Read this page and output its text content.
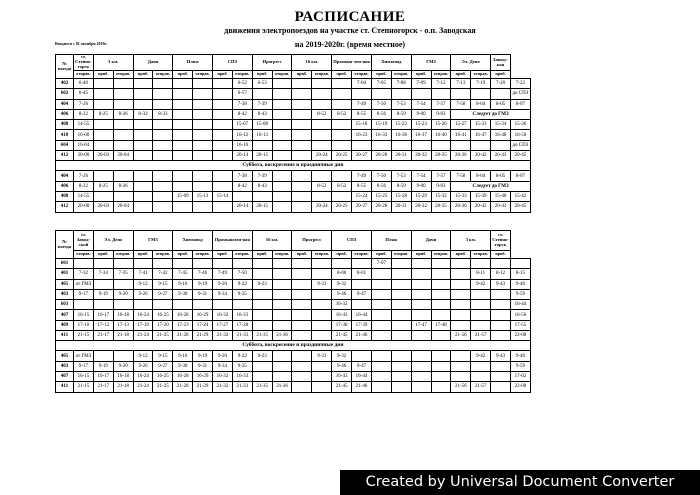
РАСПИСАНИЕ
движения электропоездов на участке ст. Степногорск - о.п. Заводская
на 2019-2020г. (время местное)
Вводится с 01 октября 2019г.
№ поезда	ст. Степно-горск	3 км.		Дачи		Пляж		СПЗ		Прогресс		16 км.		Промыш-лен-ная		Химзавод		ГМЗ		Эл. Депо		Заводс-кая	
	отправ.	приб.	отправ.	приб.	отправ.	приб.	отправ.	приб.	отправ.	приб.	отправ.	приб.	отправ.	приб.	отправ.	приб.	отправ.	приб.	отправ.	приб.	отправ.	приб.	
402	6-40								6-52	6-53					7-04	7-05	7-08	7-09	7-12	7-13	7-19	7-20	7-22
602	6-45								6-57														до СПЗ
404	7-26								7-38	7-39					7-49	7-50	7-53	7-54	7-57	7-58	8-04	8-05	8-07
406	8-22	8-25	8-26	8-32	8-33				8-42	8-43			8-52	8-53	8-55	8-56	8-59	9-00	9-03	Следует до ГМЗ			
408	14-55								15-07	15-08					15-18	15-19	15-22	15-23	15-26	15-27	15-33	15-34	15-36
410	16-00								16-12	16-13					16-23	16-33	16-36	16-37	16-40	16-41	16-47	16-48	16-50
604	16-04								16-16														до СПЗ
412	20-00	20-03	20-04						20-14	20-15			20-24	20-25	20-27	20-28	20-31	20-32	20-35	20-36	20-42	20-43	20-45
Суббота, воскресение и праздничные дни																							
404	7-26								7-38	7-39					7-49	7-50	7-53	7-54	7-57	7-58	8-04	8-05	8-07
406	8-22	8-25	8-26						8-42	8-43			8-52	8-53	8-55	8-56	8-59	9-00	9-03	Следует до ГМЗ			
408	14-55					15-09	15-13	15-14							15-24	15-25	15-28	15-29	15-32	15-33	15-39	15-40	15-42
412	20-00	20-03	20-04						20-14	20-15			20-24	20-25	20-27	20-28	20-31	20-32	20-35	20-36	20-42	20-43	20-45
№ поезда	ст. Завод-ской	Эл. Депо		ГМЗ		Химзавод		Промышлен-ная		16 км.		Прогресс		СПЗ		Пляж		Дачи		3 км.		ст. Степно-горск		
	отправ.	приб.	отправ.	приб.	отправ.	приб.	отправ.	приб.	отправ.	приб.	отправ.	приб.	отправ.	приб.	отправ.	приб.	отправ.	приб.	отправ.	приб.	отправ.	приб.		
601																7-07								
401	7-32	7-34	7-35	7-41	7-42	7-45	7-46	7-49	7-50					8-00	8-01						8-11	8-12	8-15	
405	от ГМЗ			9-12	9-15	9-16	9-19	9-20	9-22	9-23			9-31	9-32							9-42	9-43	9-46	
403	9-17	9-19	9-20	9-26	9-27	9-30	9-31	9-34	9-35					9-46	9-47								9-59	
603														16-32									16-44	
407	16-15	16-17	16-18	16-24	16-25	16-28	16-29	16-32	16-33					16-43	16-44								16-56	
409	17-10	17-12	17-13	17-19	17-20	17-23	17-24	17-27	17-28					17-38	17-39			17-47	17-48				17-55	
411	21-15	21-17	21-18	21-24	21-25	21-28	21-29	21-32	21-33	21-35	21-36			21-45	21-46					21-56	21-57		22-00	
Суббота, воскресение и праздничные дни																								
405	от ГМЗ			9-12	9-15	9-16	9-19	9-20	9-22	9-23			9-31	9-32							9-42	9-43	9-46	
403	9-17	9-19	9-20	9-26	9-27	9-30	9-31	9-34	9-35					9-46	9-47								9-59	
407	16-15	16-17	16-18	16-24	16-25	16-28	16-29	16-32	16-33					16-43	16-44								17-02	
411	21-15	21-17	21-18	21-24	21-25	21-28	21-29	21-32	21-33	21-35	21-36			21-45	21-46					21-56	21-57		22-00	
Created by Universal Document Converter
